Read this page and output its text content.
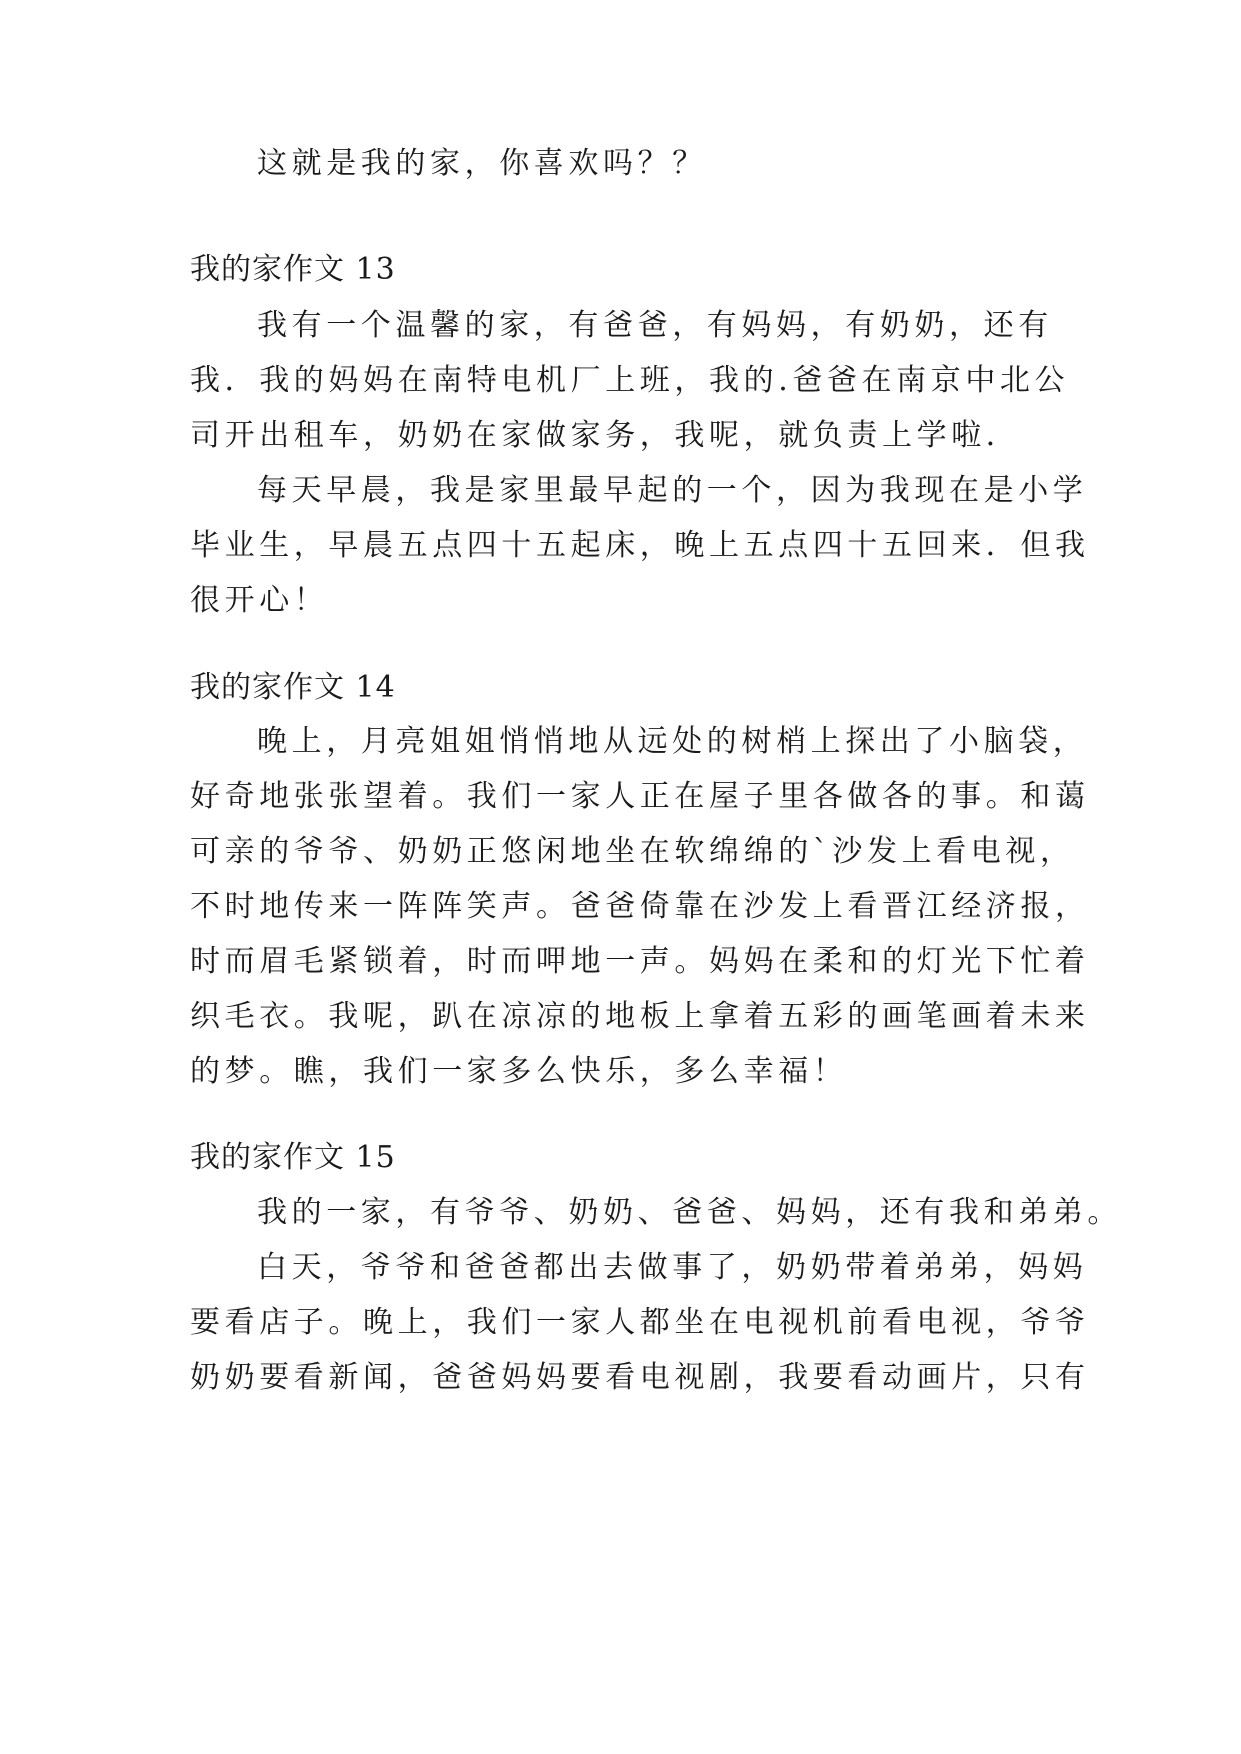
这就是我的家，你喜欢吗？？
我的家作文 13
我有一个温馨的家，有爸爸，有妈妈，有奶奶，还有
我．我的妈妈在南特电机厂上班，我的.爸爸在南京中北公
司开出租车，奶奶在家做家务，我呢，就负责上学啦．
每天早晨，我是家里最早起的一个，因为我现在是小学
毕业生，早晨五点四十五起床，晚上五点四十五回来．但我
很开心！
我的家作文 14
晚上，月亮姐姐悄悄地从远处的树梢上探出了小脑袋，
好奇地张张望着。我们一家人正在屋子里各做各的事。和蔼
可亲的爷爷、奶奶正悠闲地坐在软绵绵的`沙发上看电视，
不时地传来一阵阵笑声。爸爸倚靠在沙发上看晋江经济报，
时而眉毛紧锁着，时而呷地一声。妈妈在柔和的灯光下忙着
织毛衣。我呢，趴在凉凉的地板上拿着五彩的画笔画着未来
的梦。瞧，我们一家多么快乐，多么幸福！
我的家作文 15
我的一家，有爷爷、奶奶、爸爸、妈妈，还有我和弟弟。
白天，爷爷和爸爸都出去做事了，奶奶带着弟弟，妈妈
要看店子。晚上，我们一家人都坐在电视机前看电视，爷爷
奶奶要看新闻，爸爸妈妈要看电视剧，我要看动画片，只有
